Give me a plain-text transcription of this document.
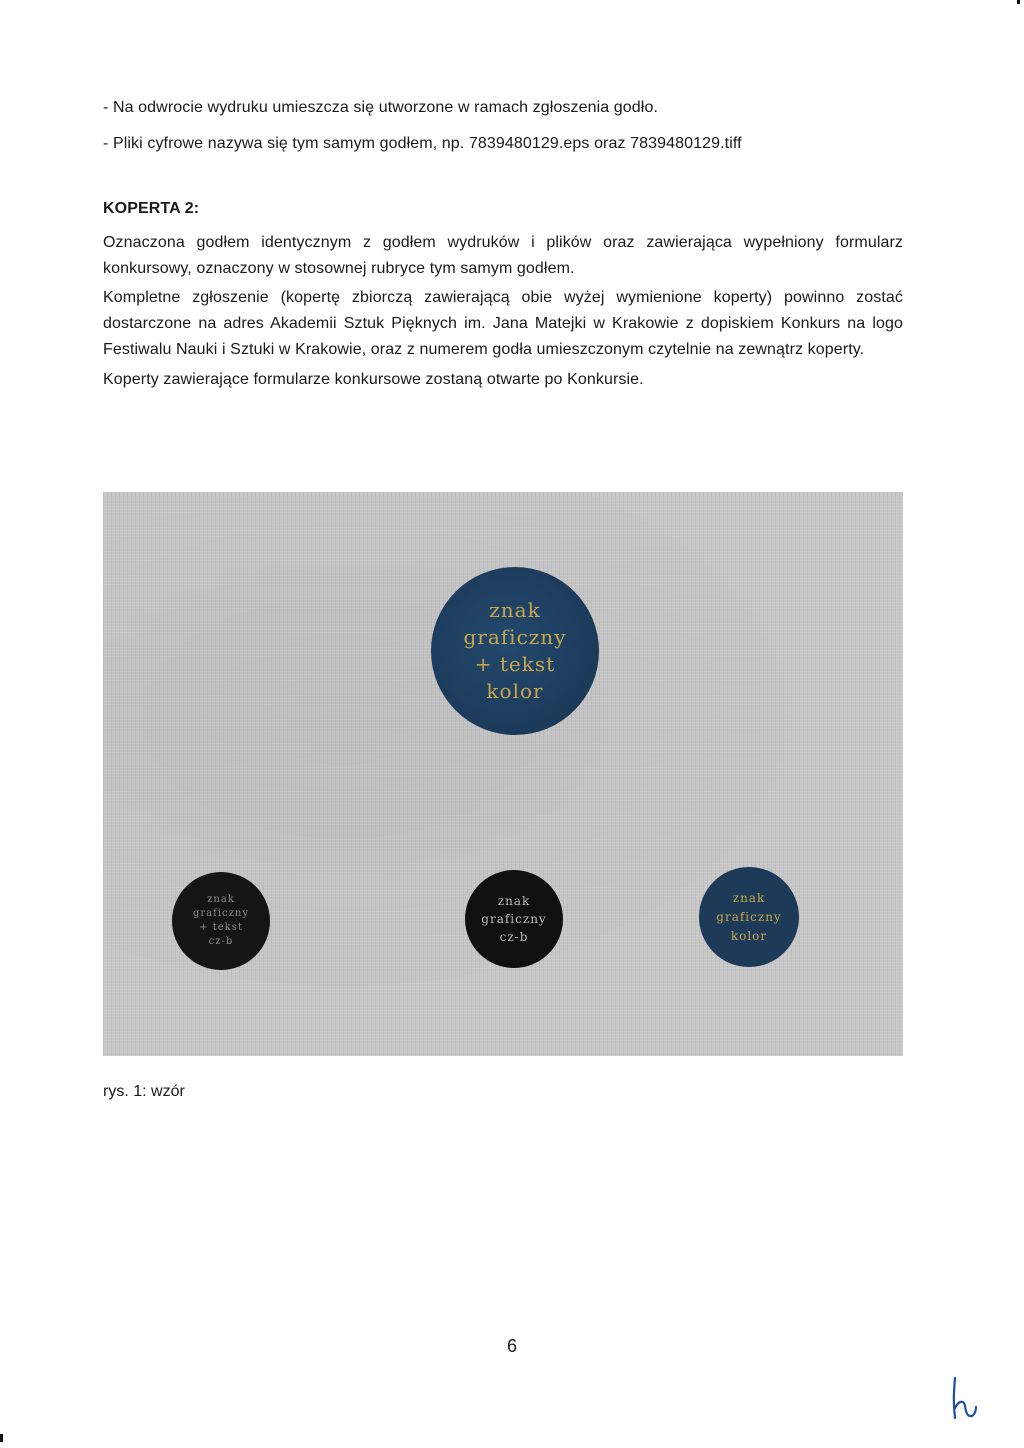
- Na odwrocie wydruku umieszcza się utworzone w ramach zgłoszenia godło.
- Pliki cyfrowe nazywa się tym samym godłem, np. 7839480129.eps oraz 7839480129.tiff
KOPERTA 2:
Oznaczona godłem identycznym z godłem wydruków i plików oraz zawierająca wypełniony formularz konkursowy, oznaczony w stosownej rubryce tym samym godłem.
Kompletne zgłoszenie (kopertę zbiorczą zawierającą obie wyżej wymienione koperty) powinno zostać dostarczone na adres Akademii Sztuk Pięknych im. Jana Matejki w Krakowie z dopiskiem Konkurs na logo Festiwalu Nauki i Sztuki w Krakowie, oraz z numerem godła umieszczonym czytelnie na zewnątrz koperty.
Koperty zawierające formularze konkursowe zostaną otwarte po Konkursie.
znak
graficzny
+ tekst
kolor
znak
graficzny
+ tekst
cz-b
znak
graficzny
cz-b
znak
graficzny
kolor
rys. 1: wzór
6
